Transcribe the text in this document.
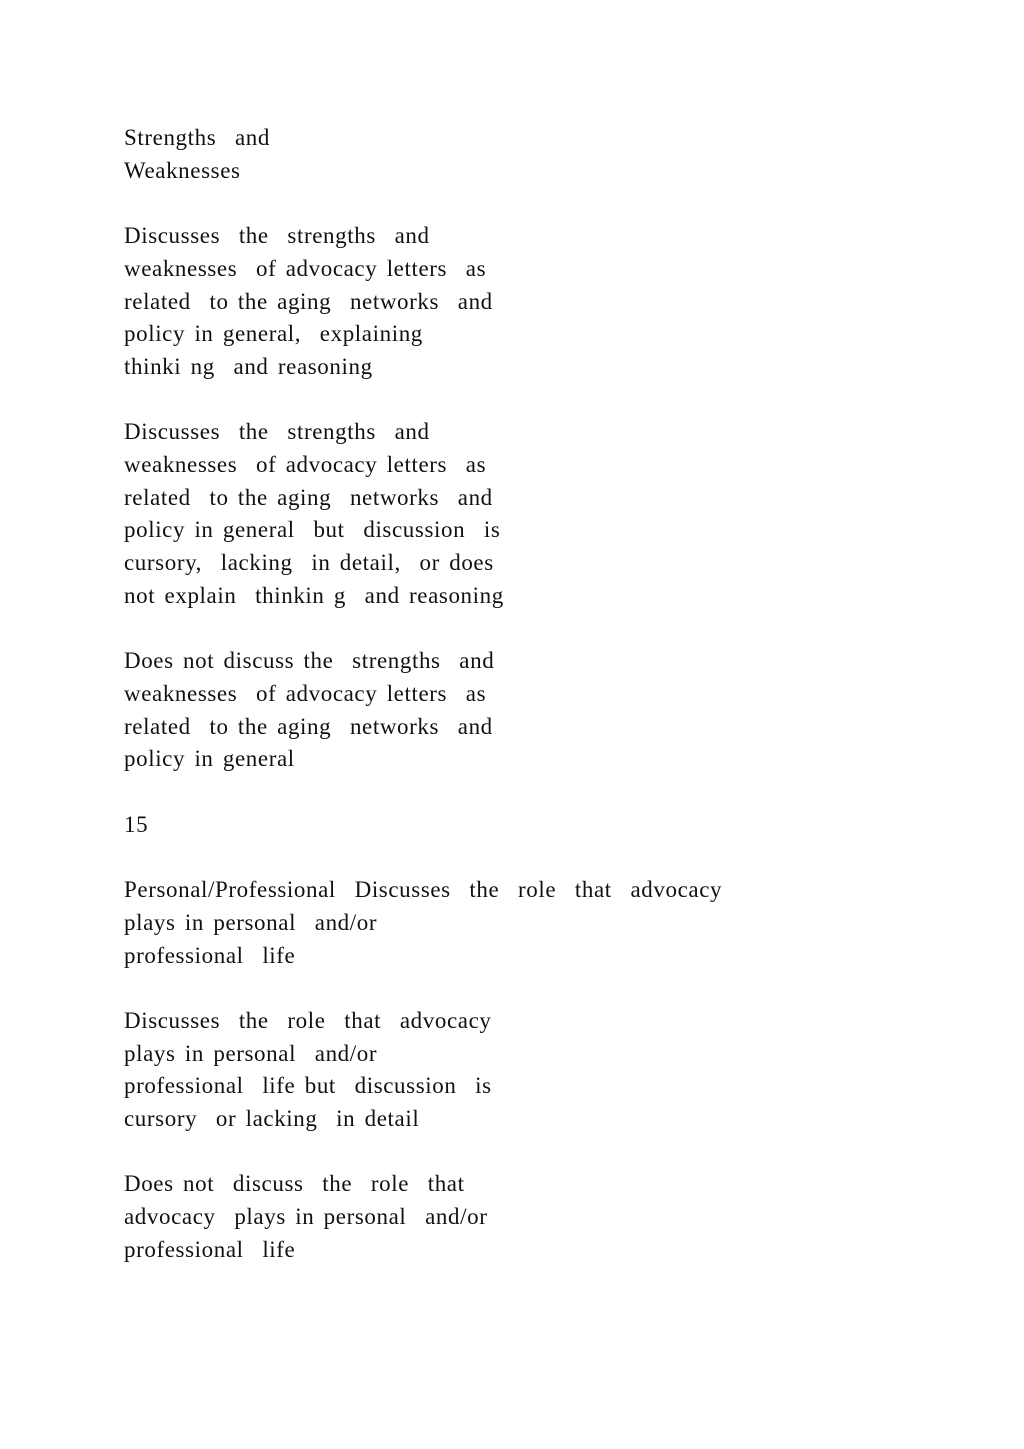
Strengths  and
Weaknesses

Discusses  the  strengths  and
weaknesses  of advocacy letters  as
related  to the aging  networks  and
policy in general,  explaining
thinki ng  and reasoning

Discusses  the  strengths  and
weaknesses  of advocacy letters  as
related  to the aging  networks  and
policy in general  but  discussion  is
cursory,  lacking  in detail,  or does
not explain  thinkin g  and reasoning

Does not discuss the  strengths  and
weaknesses  of advocacy letters  as
related  to the aging  networks  and
policy in general

15

Personal/Professional  Discusses  the  role  that  advocacy
plays in personal  and/or
professional  life

Discusses  the  role  that  advocacy
plays in personal  and/or
professional  life but  discussion  is
cursory  or lacking  in detail

Does not  discuss  the  role  that
advocacy  plays in personal  and/or
professional  life
